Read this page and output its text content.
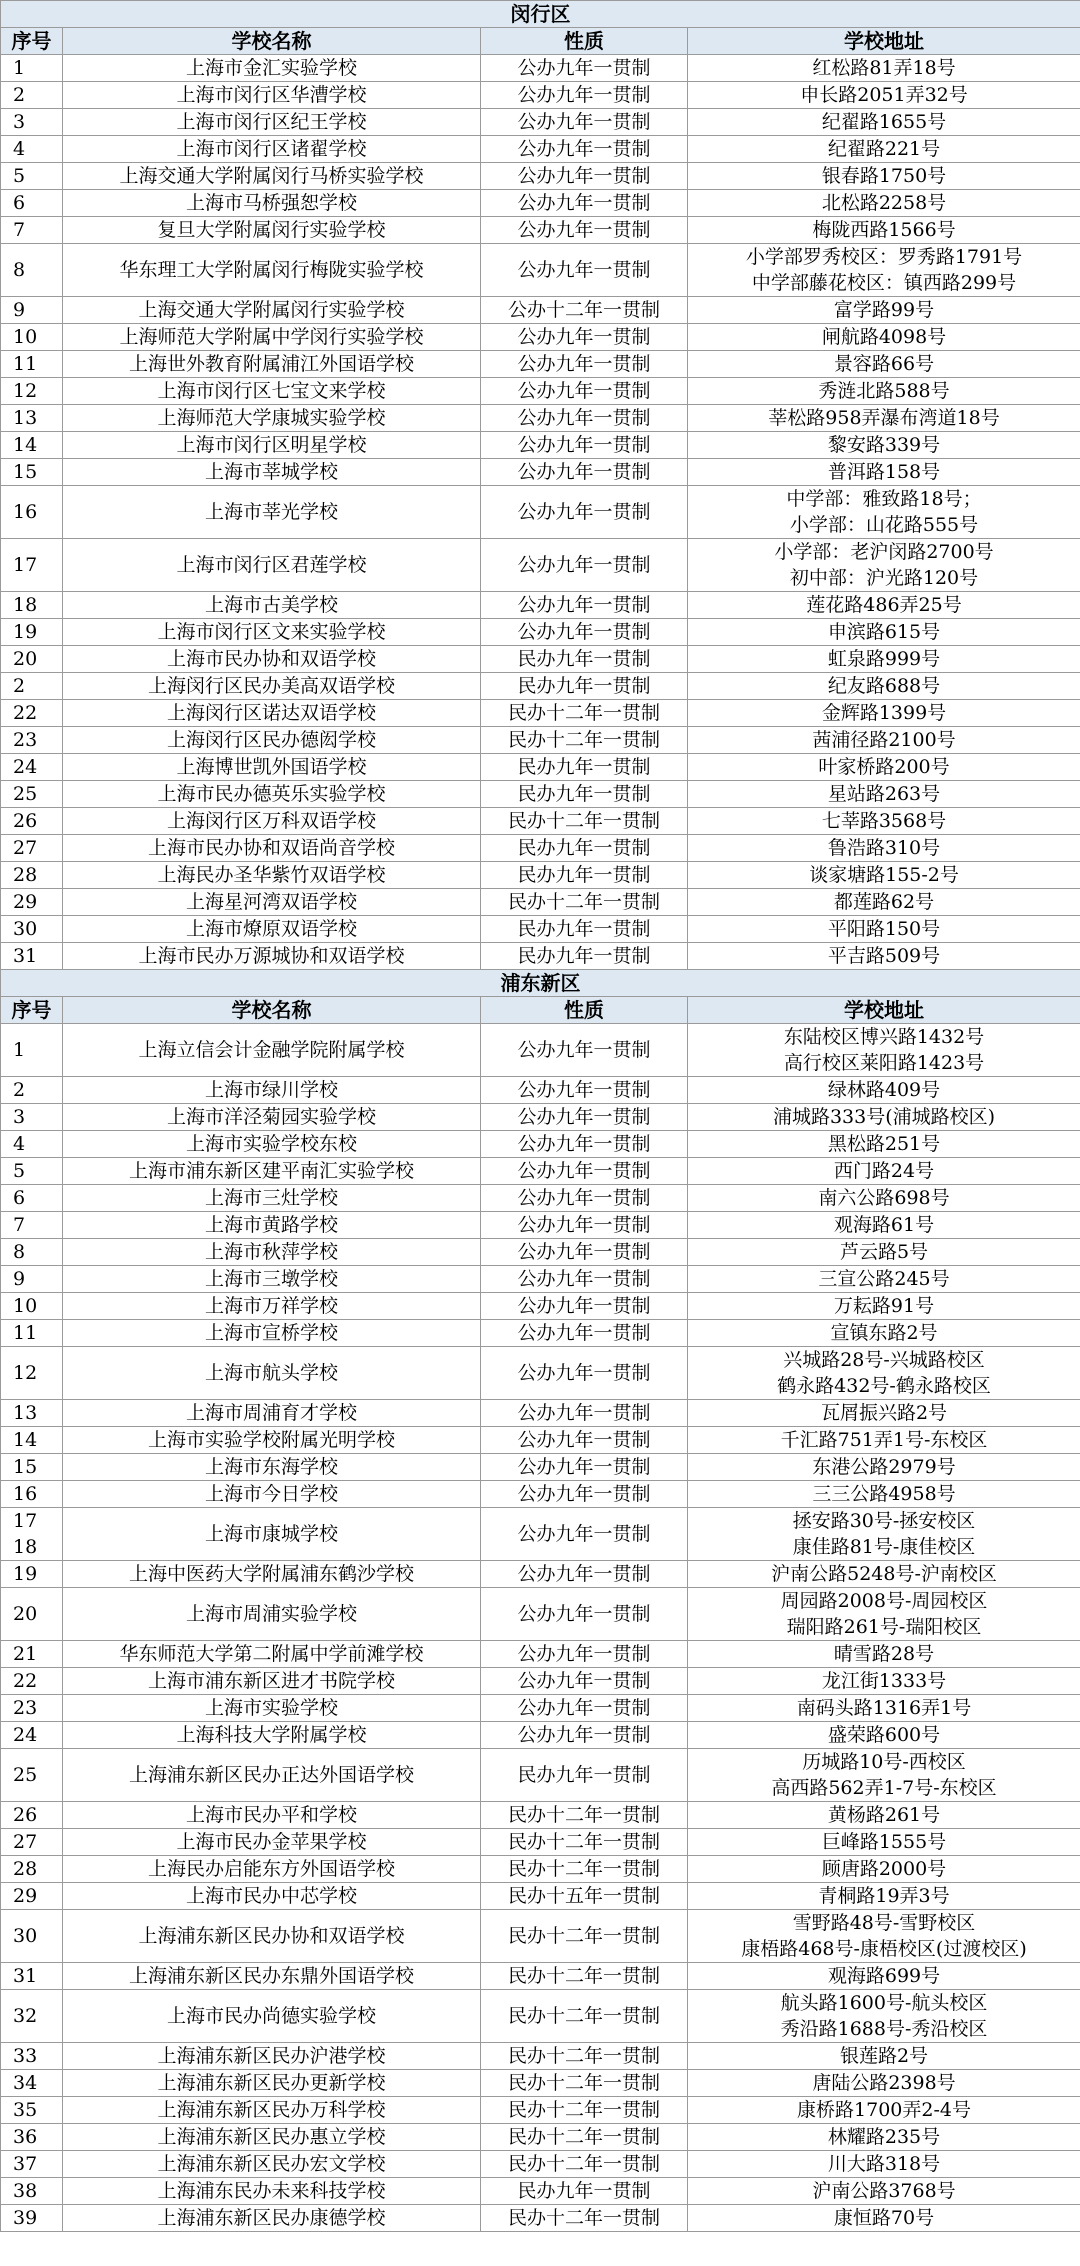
闵行区			
序号	学校名称	性质	学校地址
1	上海市金汇实验学校	公办九年一贯制	红松路81弄18号

2	上海市闵行区华漕学校	公办九年一贯制	申长路2051弄32号

3	上海市闵行区纪王学校	公办九年一贯制	纪翟路1655号

4	上海市闵行区诸翟学校	公办九年一贯制	纪翟路221号

5	上海交通大学附属闵行马桥实验学校	公办九年一贯制	银春路1750号

6	上海市马桥强恕学校	公办九年一贯制	北松路2258号

7	复旦大学附属闵行实验学校	公办九年一贯制	梅陇西路1566号

8	华东理工大学附属闵行梅陇实验学校	公办九年一贯制	小学部罗秀校区：罗秀路1791号
中学部藤花校区：镇西路299号

9	上海交通大学附属闵行实验学校	公办十二年一贯制	富学路99号

10	上海师范大学附属中学闵行实验学校	公办九年一贯制	闸航路4098号

11	上海世外教育附属浦江外国语学校	公办九年一贯制	景容路66号

12	上海市闵行区七宝文来学校	公办九年一贯制	秀涟北路588号

13	上海师范大学康城实验学校	公办九年一贯制	莘松路958弄瀑布湾道18号

14	上海市闵行区明星学校	公办九年一贯制	黎安路339号

15	上海市莘城学校	公办九年一贯制	普洱路158号

16	上海市莘光学校	公办九年一贯制	中学部：雅致路18号；
小学部：山花路555号

17	上海市闵行区君莲学校	公办九年一贯制	小学部：老沪闵路2700号
初中部：沪光路120号

18	上海市古美学校	公办九年一贯制	莲花路486弄25号

19	上海市闵行区文来实验学校	公办九年一贯制	申滨路615号

20	上海市民办协和双语学校	民办九年一贯制	虹泉路999号

2	上海闵行区民办美高双语学校	民办九年一贯制	纪友路688号

22	上海闵行区诺达双语学校	民办十二年一贯制	金辉路1399号

23	上海闵行区民办德闳学校	民办十二年一贯制	茜浦径路2100号

24	上海博世凯外国语学校	民办九年一贯制	叶家桥路200号

25	上海市民办德英乐实验学校	民办九年一贯制	星站路263号

26	上海闵行区万科双语学校	民办十二年一贯制	七莘路3568号

27	上海市民办协和双语尚音学校	民办九年一贯制	鲁浩路310号

28	上海民办圣华紫竹双语学校	民办九年一贯制	谈家塘路155-2号

29	上海星河湾双语学校	民办十二年一贯制	都莲路62号

30	上海市燎原双语学校	民办九年一贯制	平阳路150号

31	上海市民办万源城协和双语学校	民办九年一贯制	平吉路509号

浦东新区			
序号	学校名称	性质	学校地址
1	上海立信会计金融学院附属学校	公办九年一贯制	东陆校区博兴路1432号
高行校区莱阳路1423号

2	上海市绿川学校	公办九年一贯制	绿林路409号

3	上海市洋泾菊园实验学校	公办九年一贯制	浦城路333号(浦城路校区)

4	上海市实验学校东校	公办九年一贯制	黑松路251号

5	上海市浦东新区建平南汇实验学校	公办九年一贯制	西门路24号

6	上海市三灶学校	公办九年一贯制	南六公路698号

7	上海市黄路学校	公办九年一贯制	观海路61号

8	上海市秋萍学校	公办九年一贯制	芦云路5号

9	上海市三墩学校	公办九年一贯制	三宣公路245号

10	上海市万祥学校	公办九年一贯制	万耘路91号

11	上海市宣桥学校	公办九年一贯制	宣镇东路2号

12	上海市航头学校	公办九年一贯制	兴城路28号-兴城路校区
鹤永路432号-鹤永路校区

13	上海市周浦育才学校	公办九年一贯制	瓦屑振兴路2号

14	上海市实验学校附属光明学校	公办九年一贯制	千汇路751弄1号-东校区

15	上海市东海学校	公办九年一贯制	东港公路2979号

16	上海市今日学校	公办九年一贯制	三三公路4958号

17
18	上海市康城学校	公办九年一贯制	拯安路30号-拯安校区
康佳路81号-康佳校区

19	上海中医药大学附属浦东鹤沙学校	公办九年一贯制	沪南公路5248号-沪南校区

20	上海市周浦实验学校	公办九年一贯制	周园路2008号-周园校区
瑞阳路261号-瑞阳校区

21	华东师范大学第二附属中学前滩学校	公办九年一贯制	晴雪路28号

22	上海市浦东新区进才书院学校	公办九年一贯制	龙江街1333号

23	上海市实验学校	公办九年一贯制	南码头路1316弄1号

24	上海科技大学附属学校	公办九年一贯制	盛荣路600号

25	上海浦东新区民办正达外国语学校	民办九年一贯制	历城路10号-西校区
高西路562弄1-7号-东校区

26	上海市民办平和学校	民办十二年一贯制	黄杨路261号

27	上海市民办金苹果学校	民办十二年一贯制	巨峰路1555号

28	上海民办启能东方外国语学校	民办十二年一贯制	顾唐路2000号

29	上海市民办中芯学校	民办十五年一贯制	青桐路19弄3号

30	上海浦东新区民办协和双语学校	民办十二年一贯制	雪野路48号-雪野校区
康梧路468号-康梧校区(过渡校区)

31	上海浦东新区民办东鼎外国语学校	民办十二年一贯制	观海路699号

32	上海市民办尚德实验学校	民办十二年一贯制	航头路1600号-航头校区
秀沿路1688号-秀沿校区

33	上海浦东新区民办沪港学校	民办十二年一贯制	银莲路2号

34	上海浦东新区民办更新学校	民办十二年一贯制	唐陆公路2398号

35	上海浦东新区民办万科学校	民办十二年一贯制	康桥路1700弄2-4号

36	上海浦东新区民办惠立学校	民办十二年一贯制	林耀路235号

37	上海浦东新区民办宏文学校	民办十二年一贯制	川大路318号

38	上海浦东民办未来科技学校	民办九年一贯制	沪南公路3768号

39	上海浦东新区民办康德学校	民办十二年一贯制	康恒路70号
